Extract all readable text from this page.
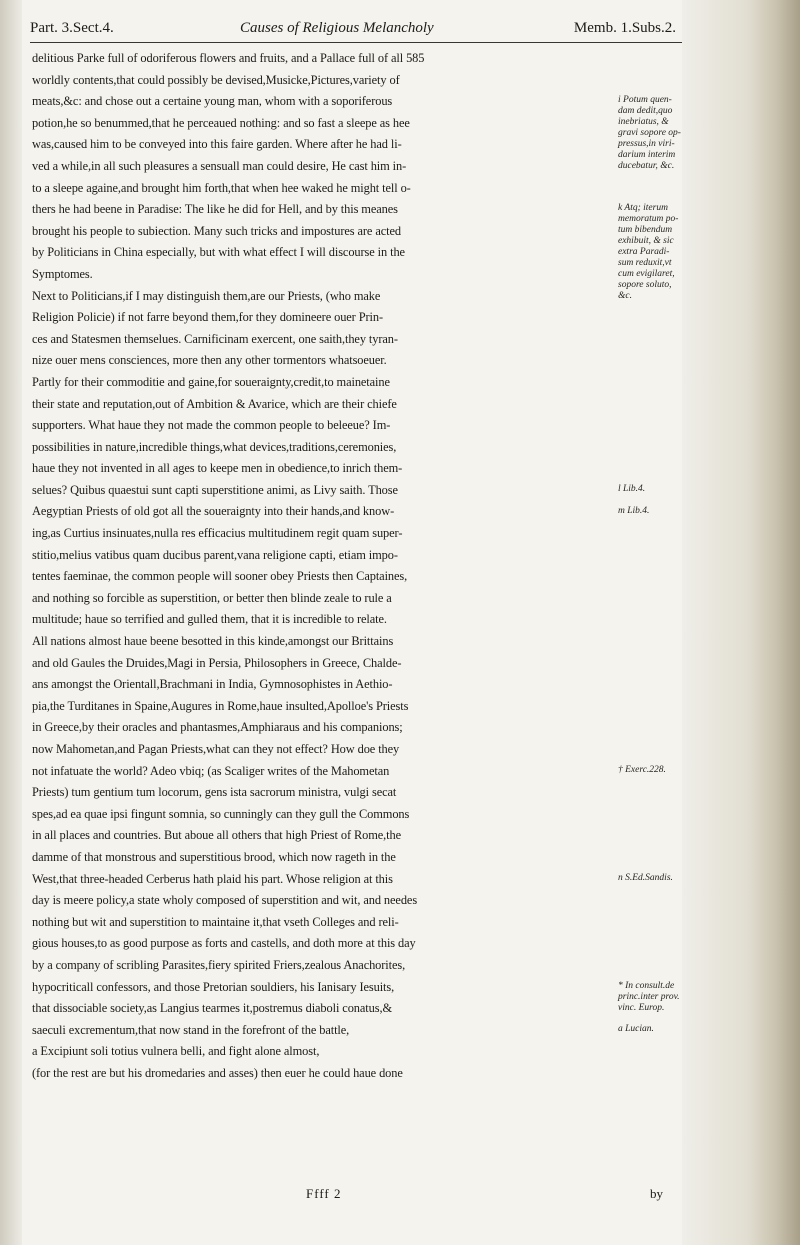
Part. 3.Sect.4.	Causes of Religious Melancholy	Memb. 1.Subs.2.
delitious Parke full of odoriferous flowers and fruits, and a Pallace full of all 585
worldly contents,that could possibly be devised,Musicke,Pictures,variety of
meats,&c: and chose out a certaine young man, whom with a soporiferous
potion,he so benummed,that he perceaued nothing: and so fast a sleepe as hee
was,caused him to be conveyed into this faire garden. Where after he had li-
ved a while,in all such pleasures a sensuall man could desire, He cast him in-
to a sleepe againe,and brought him forth,that when hee waked he might tell o-
thers he had beene in Paradise: The like he did for Hell, and by this meanes
brought his people to subiection. Many such tricks and impostures are acted
by Politicians in China especially, but with what effect I will discourse in the
Symptomes.
Next to Politicians,if I may distinguish them,are our Priests, (who make
Religion Policie) if not farre beyond them,for they domineere ouer Prin-
ces and Statesmen themselues. Carnificinam exercent, one saith,they tyran-
nize ouer mens consciences, more then any other tormentors whatsoeuer.
Partly for their commoditie and gaine,for soueraignty,credit,to mainetaine
their state and reputation,out of Ambition & Avarice, which are their chiefe
supporters. What haue they not made the common people to beleeue? Im-
possibilities in nature,incredible things,what devices,traditions,ceremonies,
haue they not invented in all ages to keepe men in obedience,to inrich them-
selues? Quibus quaestui sunt capti superstitione animi, as Livy saith. Those
Aegyptian Priests of old got all the soueraignty into their hands,and know-
ing,as Curtius insinuates,nulla res efficacius multitudinem regit quam super-
stitio,melius vatibus quam ducibus parent,vana religione capti, etiam impo-
tentes faeminae, the common people will sooner obey Priests then Captaines,
and nothing so forcible as superstition, or better then blinde zeale to rule a
multitude; haue so terrified and gulled them, that it is incredible to relate.
All nations almost haue beene besotted in this kinde,amongst our Brittains
and old Gaules the Druides,Magi in Persia, Philosophers in Greece, Chalde-
ans amongst the Orientall,Brachmani in India, Gymnosophistes in Aethio-
pia,the Turditanes in Spaine,Augures in Rome,haue insulted,Apolloe's Priests
in Greece,by their oracles and phantasmes,Amphiaraus and his companions;
now Mahometan,and Pagan Priests,what can they not effect? How doe they
not infatuate the world? Adeo vbiq; (as Scaliger writes of the Mahometan
Priests) tum gentium tum locorum, gens ista sacrorum ministra, vulgi secat
spes,ad ea quae ipsi fingunt somnia, so cunningly can they gull the Commons
in all places and countries. But aboue all others that high Priest of Rome,the
damme of that monstrous and superstitious brood, which now rageth in the
West,that three-headed Cerberus hath plaid his part. Whose religion at this
day is meere policy,a state wholy composed of superstition and wit, and needes
nothing but wit and superstition to maintaine it,that vseth Colleges and reli-
gious houses,to as good purpose as forts and castells, and doth more at this day
by a company of scribling Parasites,fiery spirited Friers,zealous Anachorites,
hypocriticall confessors, and those Pretorian souldiers, his Ianisary Iesuits,
that dissociable society,as Langius tearmes it,postremus diaboli conatus,&
saeculi excrementum,that now stand in the forefront of the battle,
a Excipiunt soli totius vulnera belli, and fight alone almost,
(for the rest are but his dromedaries and asses) then euer he could haue done
i Potum quen-
dam dedit,quo
inebriatus, &
gravi sopore op-
pressus,in viri-
darium interim
ducebatur, &c.
k Atq; iterum
memoratum po-
tum bibendum
exhibuit, & sic
extra Paradi-
sum reduxit,vt
cum evigilaret,
sopore soluto,
&c.
l Lib.4.
m Lib.4.
† Exerc.228.
n S.Ed.Sandis.
* In consult.de
princ.inter prov.
vinc. Europ.
a Lucian.
Ffff 2	by
